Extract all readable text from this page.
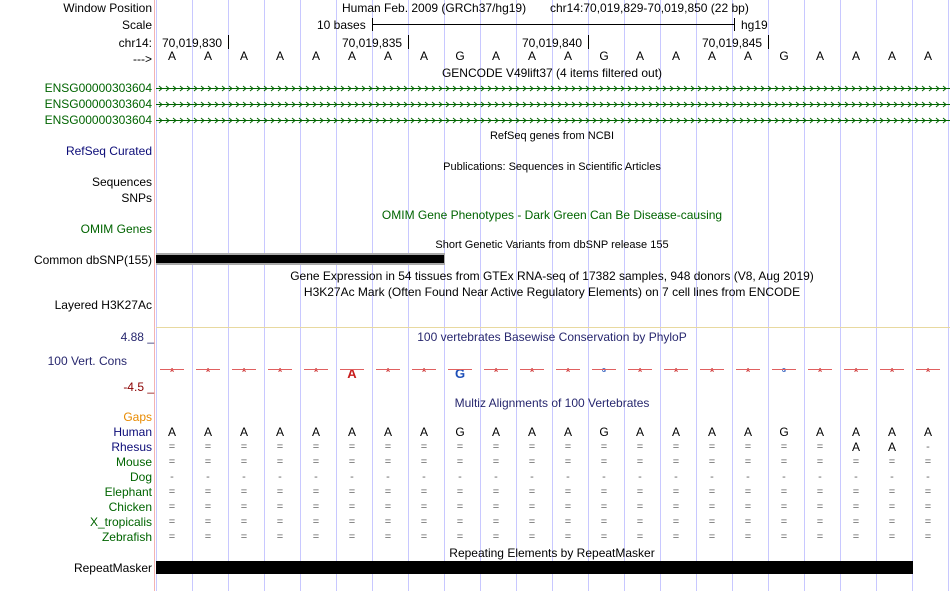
Window Position
Scale
chr14:
--->
Human Feb. 2009 (GRCh37/hg19) chr14:70,019,829-70,019,850 (22 bp)
10 bases	hg19
70,019,830	70,019,835	70,019,840	70,019,845
A A A A A A A A G A A A G A A A A G A A A A
GENCODE V49lift37 (4 items filtered out)
ENSG00000303604
ENSG00000303604
ENSG00000303604
RefSeq genes from NCBI
RefSeq Curated
Publications: Sequences in Scientific Articles
Sequences
SNPs
OMIM Gene Phenotypes - Dark Green Can Be Disease-causing
OMIM Genes
Short Genetic Variants from dbSNP release 155
Common dbSNP(155)
Gene Expression in 54 tissues from GTEx RNA-seq of 17382 samples, 948 donors (V8, Aug 2019)
H3K27Ac Mark (Often Found Near Active Regulatory Elements) on 7 cell lines from ENCODE
Layered H3K27Ac
100 vertebrates Basewise Conservation by PhyloP
4.88 _
100 Vert. Cons
-4.5 _
A	A	A	A	A A	A	A G	A	A	A	G	A	A	A	A	G	A	A	A	A
Gaps
Multiz Alignments of 100 Vertebrates
Human A A A A A A A A G A A A G A A A A G A A A A
Rhesus =	=	=	=	=	=	=	=	=	=	=	=	=	=	=	=	=	=	= A A	-
Mouse =	=	=	=	=	=	=	=	=	=	=	=	=	=	=	=	=	=	=	=	=	=
Dog -	-	-	-	-	-	-	-	-	-	-	-	-	-	-	-	-	-	-	-	-	-
Elephant =	=	=	=	=	=	=	=	=	=	=	=	=	=	=	=	=	=	=	=	=	=
Chicken =	=	=	=	=	=	=	=	=	=	=	=	=	=	=	=	=	=	=	=	=	=
X_tropicalis =	=	=	=	=	=	=	=	=	=	=	=	=	=	=	=	=	=	=	=	=	=
Zebrafish =	=	=	=	=	=	=	=	=	=	=	=	=	=	=	=	=	=	=	=	=	=
Repeating Elements by RepeatMasker
RepeatMasker
